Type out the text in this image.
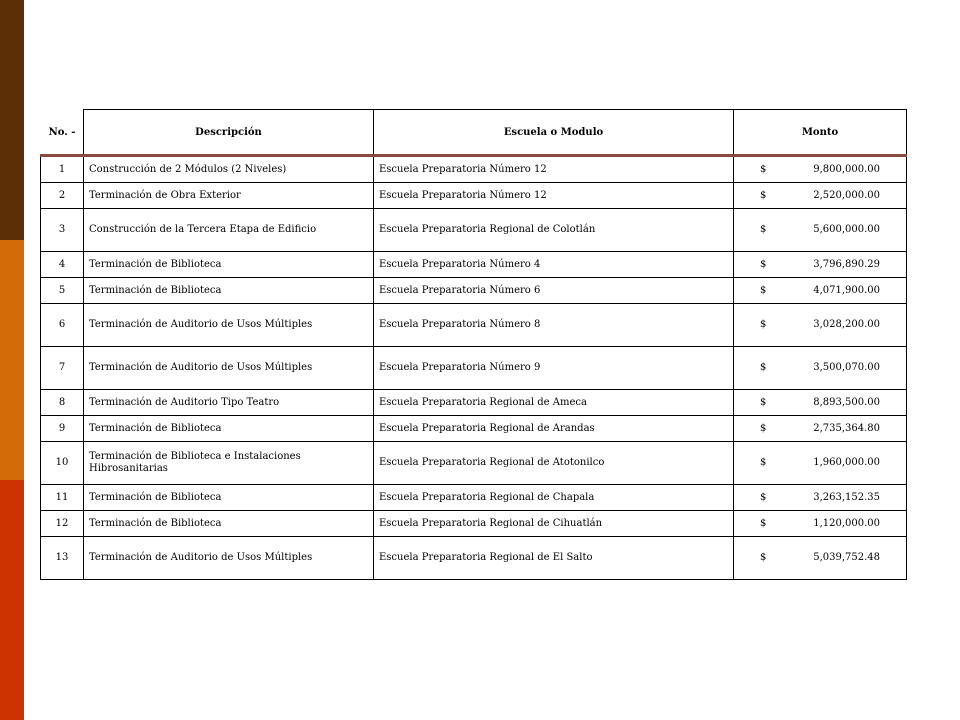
No. -	Descripción	Escuela o Modulo	Monto
1	Construcción de 2 Módulos (2 Niveles)	Escuela Preparatoria Número 12	$ 9,800,000.00

2	Terminación de Obra Exterior	Escuela Preparatoria Número 12	$ 2,520,000.00

3	Construcción de la Tercera Etapa de Edificio	Escuela Preparatoria Regional de Colotlán	$ 5,600,000.00

4	Terminación de Biblioteca	Escuela Preparatoria Número 4	$ 3,796,890.29

5	Terminación de Biblioteca	Escuela Preparatoria Número 6	$ 4,071,900.00

6	Terminación de Auditorio de Usos Múltiples	Escuela Preparatoria Número 8	$ 3,028,200.00

7	Terminación de Auditorio de Usos Múltiples	Escuela Preparatoria Número 9	$ 3,500,070.00

8	Terminación de Auditorio Tipo Teatro	Escuela Preparatoria Regional de Ameca	$ 8,893,500.00

9	Terminación de Biblioteca	Escuela Preparatoria Regional de Arandas	$ 2,735,364.80

10	Terminación de Biblioteca e Instalaciones Hibrosanitarias	Escuela Preparatoria Regional de Atotonilco	$ 1,960,000.00

11	Terminación de Biblioteca	Escuela Preparatoria Regional de Chapala	$ 3,263,152.35

12	Terminación de Biblioteca	Escuela Preparatoria Regional de Cihuatlán	$ 1,120,000.00

13	Terminación de Auditorio de Usos Múltiples	Escuela Preparatoria Regional de El Salto	$ 5,039,752.48
